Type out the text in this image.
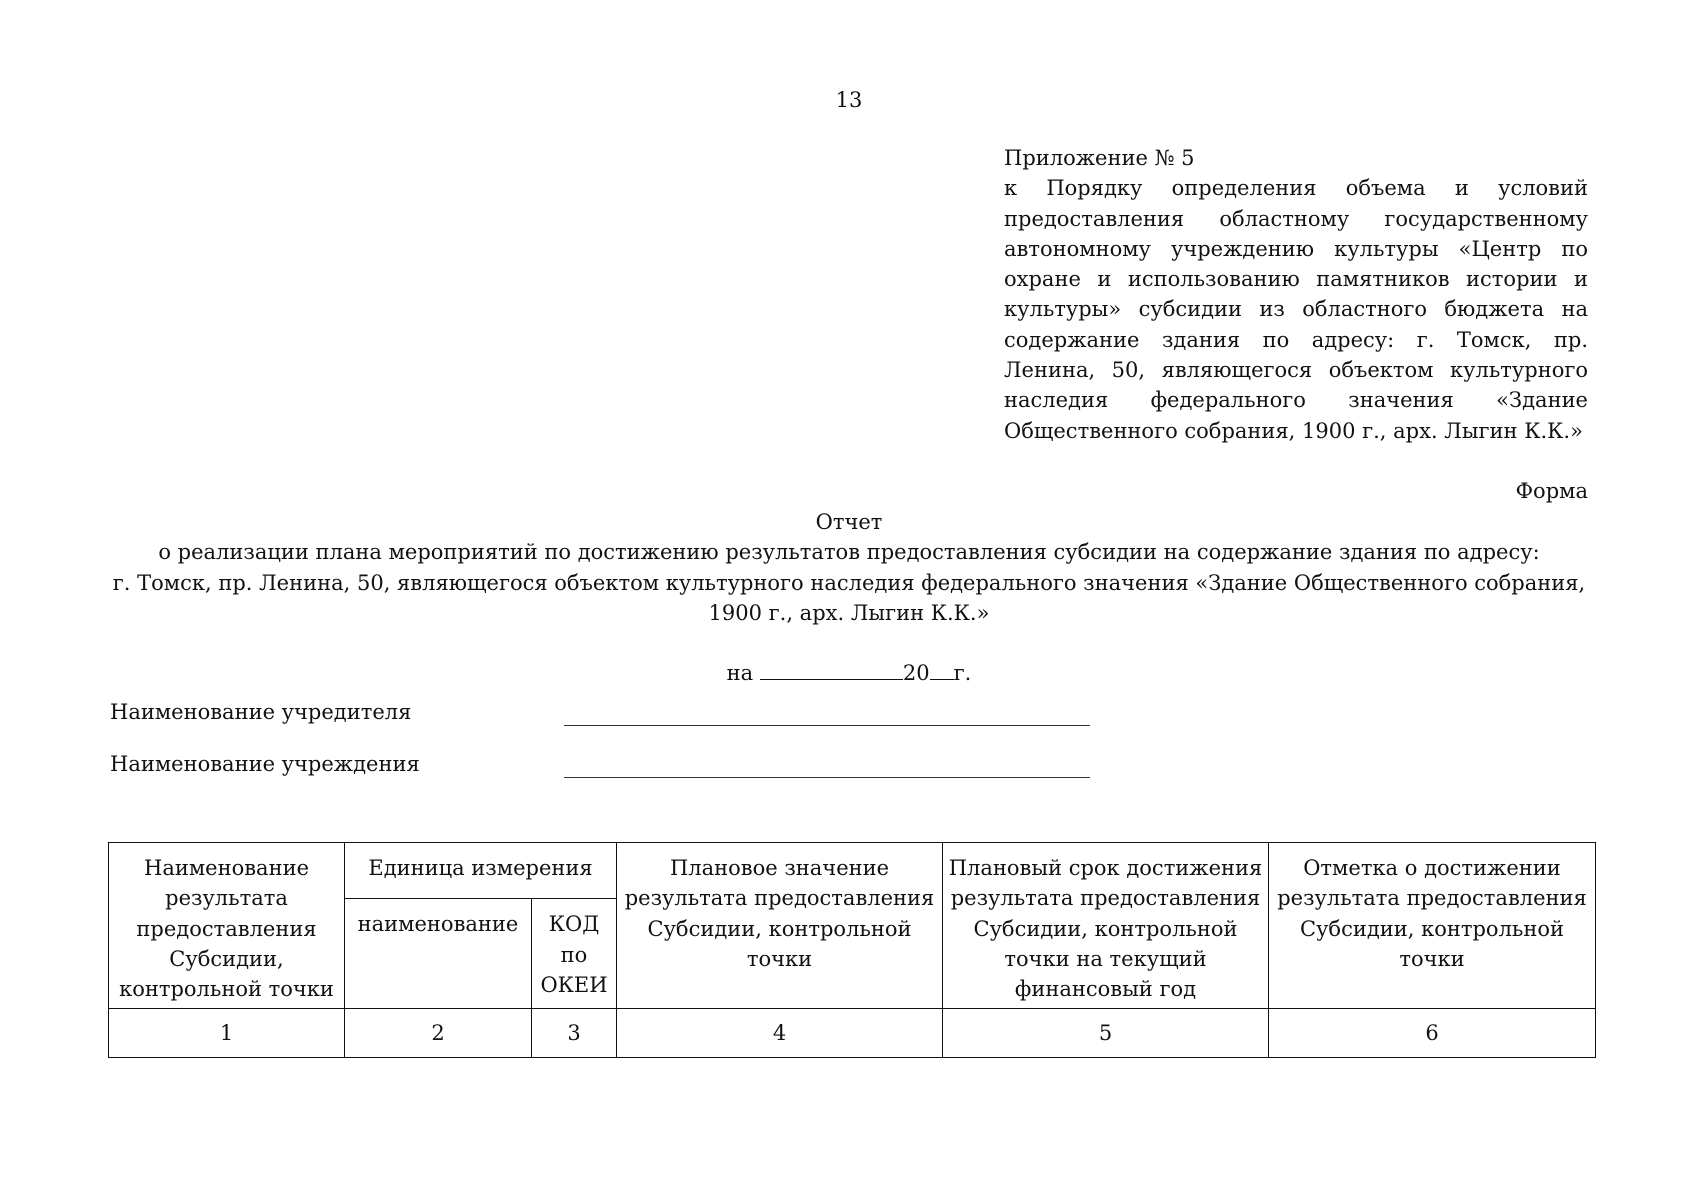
13
Приложение № 5
к Порядку определения объема и условий предоставления областному государственному автономному учреждению культуры «Центр по охране и использованию памятников истории и культуры» субсидии из областного бюджета на содержание здания по адресу: г. Томск, пр. Ленина, 50, являющегося объектом культурного наследия федерального значения «Здание Общественного собрания, 1900 г., арх. Лыгин К.К.»
Форма
Отчет
о реализации плана мероприятий по достижению результатов предоставления субсидии на содержание здания по адресу:
г. Томск, пр. Ленина, 50, являющегося объектом культурного наследия федерального значения «Здание Общественного собрания,
1900 г., арх. Лыгин К.К.»
на	20 г.
Наименование учредителя
Наименование учреждения
Наименование результата предоставления Субсидии, контрольной точки	Единица измерения		Плановое значение результата предоставления Субсидии, контрольной точки	Плановый срок достижения результата предоставления Субсидии, контрольной точки на текущий финансовый год	Отметка о достижении результата предоставления Субсидии, контрольной точки
	наименование	КОД по ОКЕИ			
1	2	3	4	5	6
